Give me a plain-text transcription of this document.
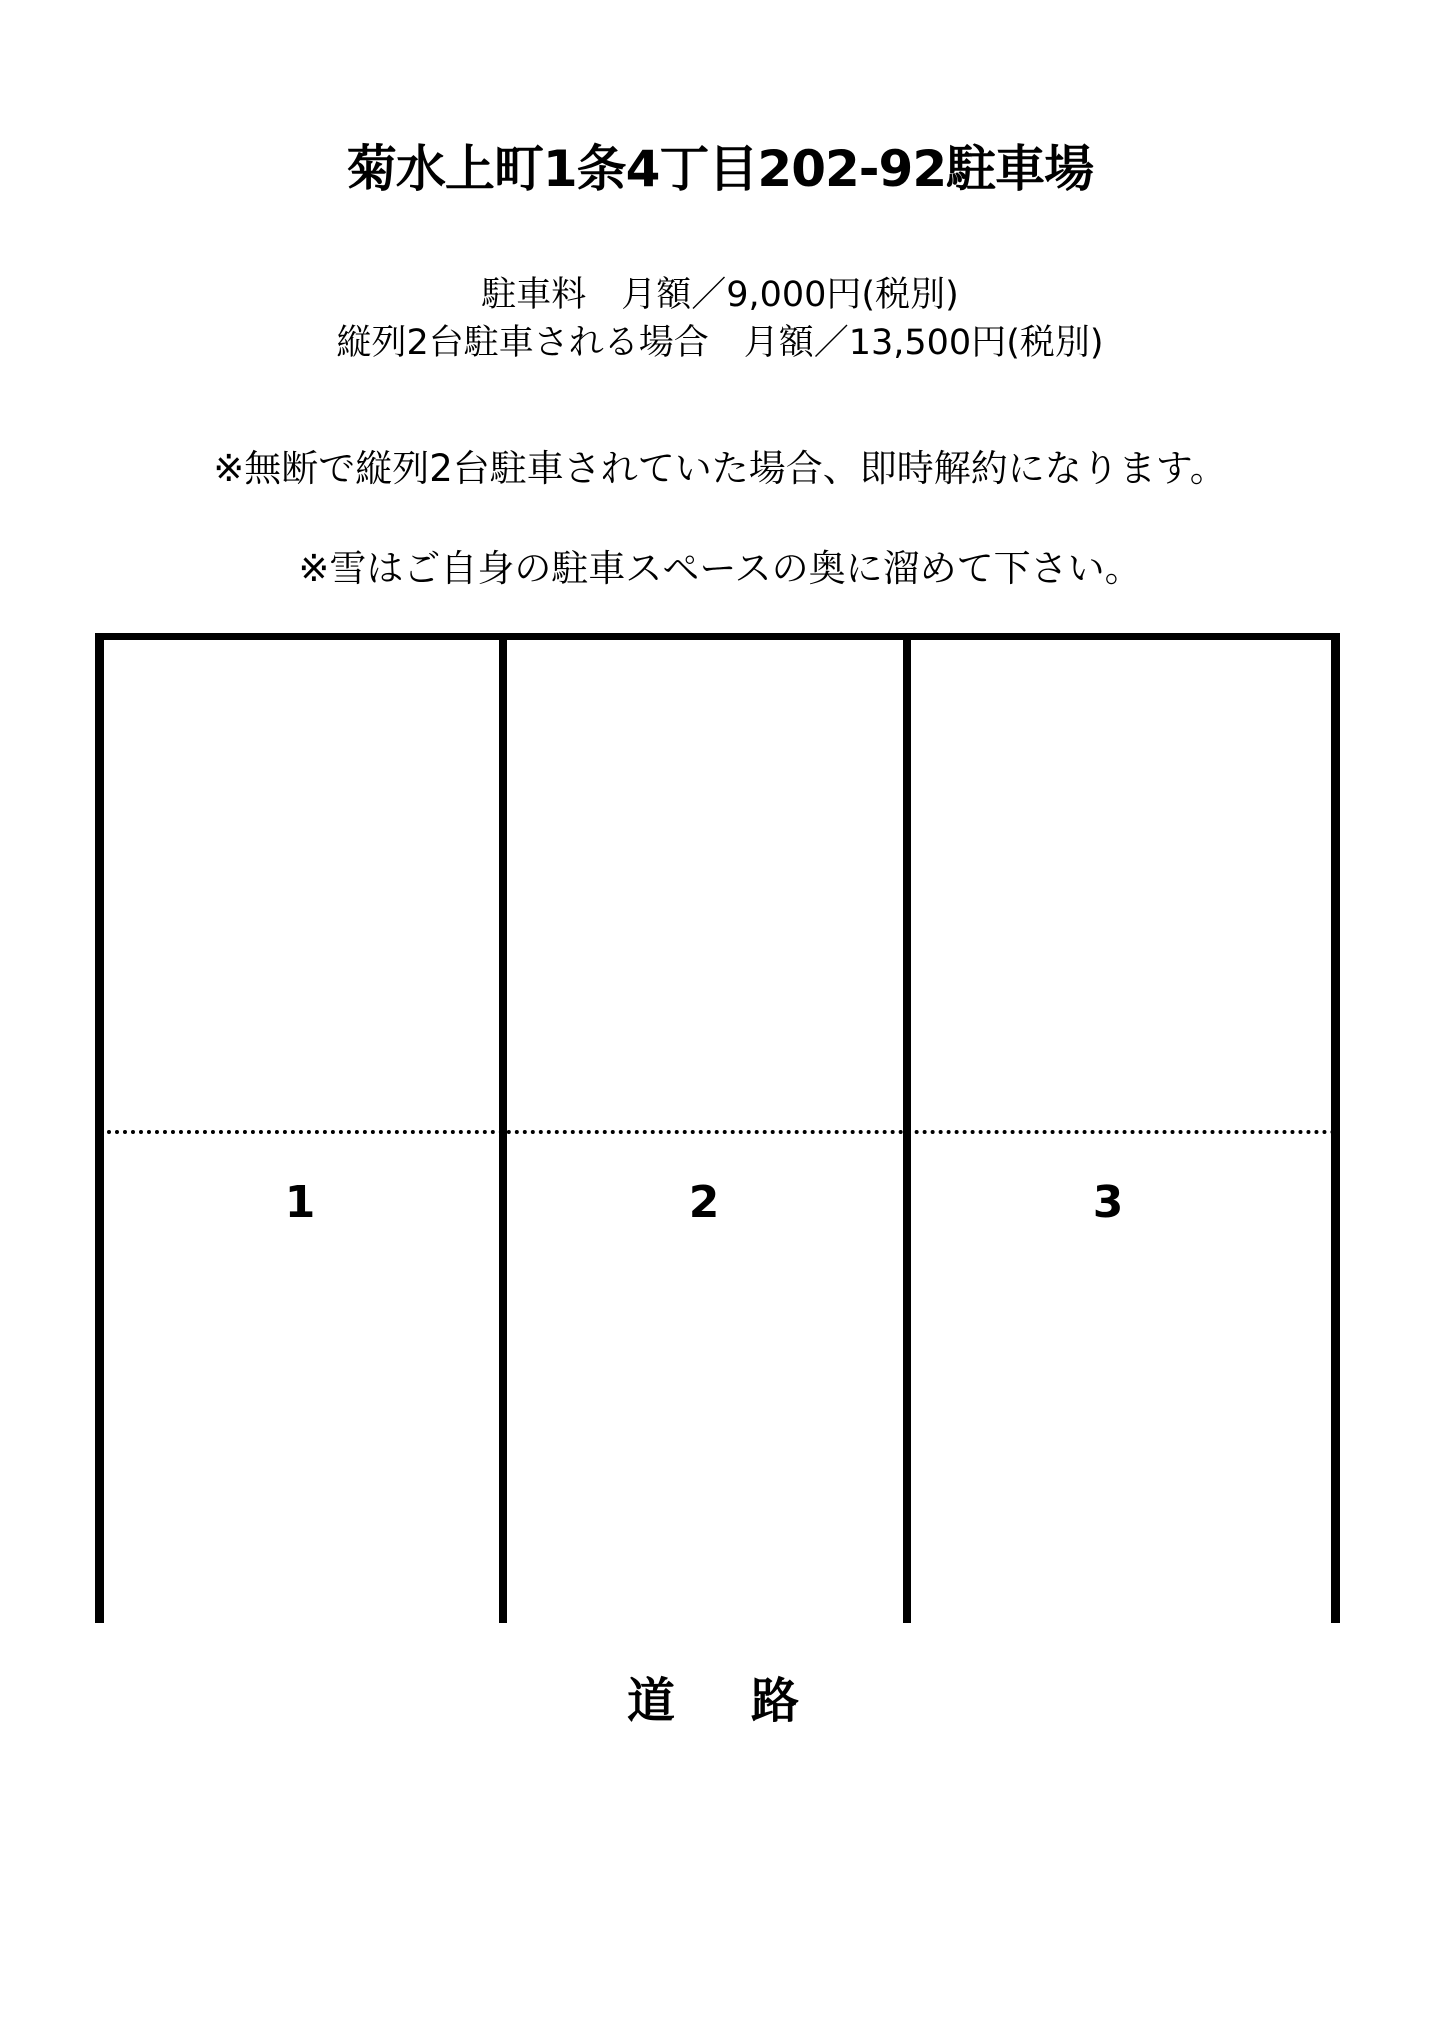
菊水上町1条4丁目202-92駐車場
駐車料　月額／9,000円(税別)
縦列2台駐車される場合　月額／13,500円(税別)
※無断で縦列2台駐車されていた場合、即時解約になります。
※雪はご自身の駐車スペースの奥に溜めて下さい。
1	2	3
道　路
